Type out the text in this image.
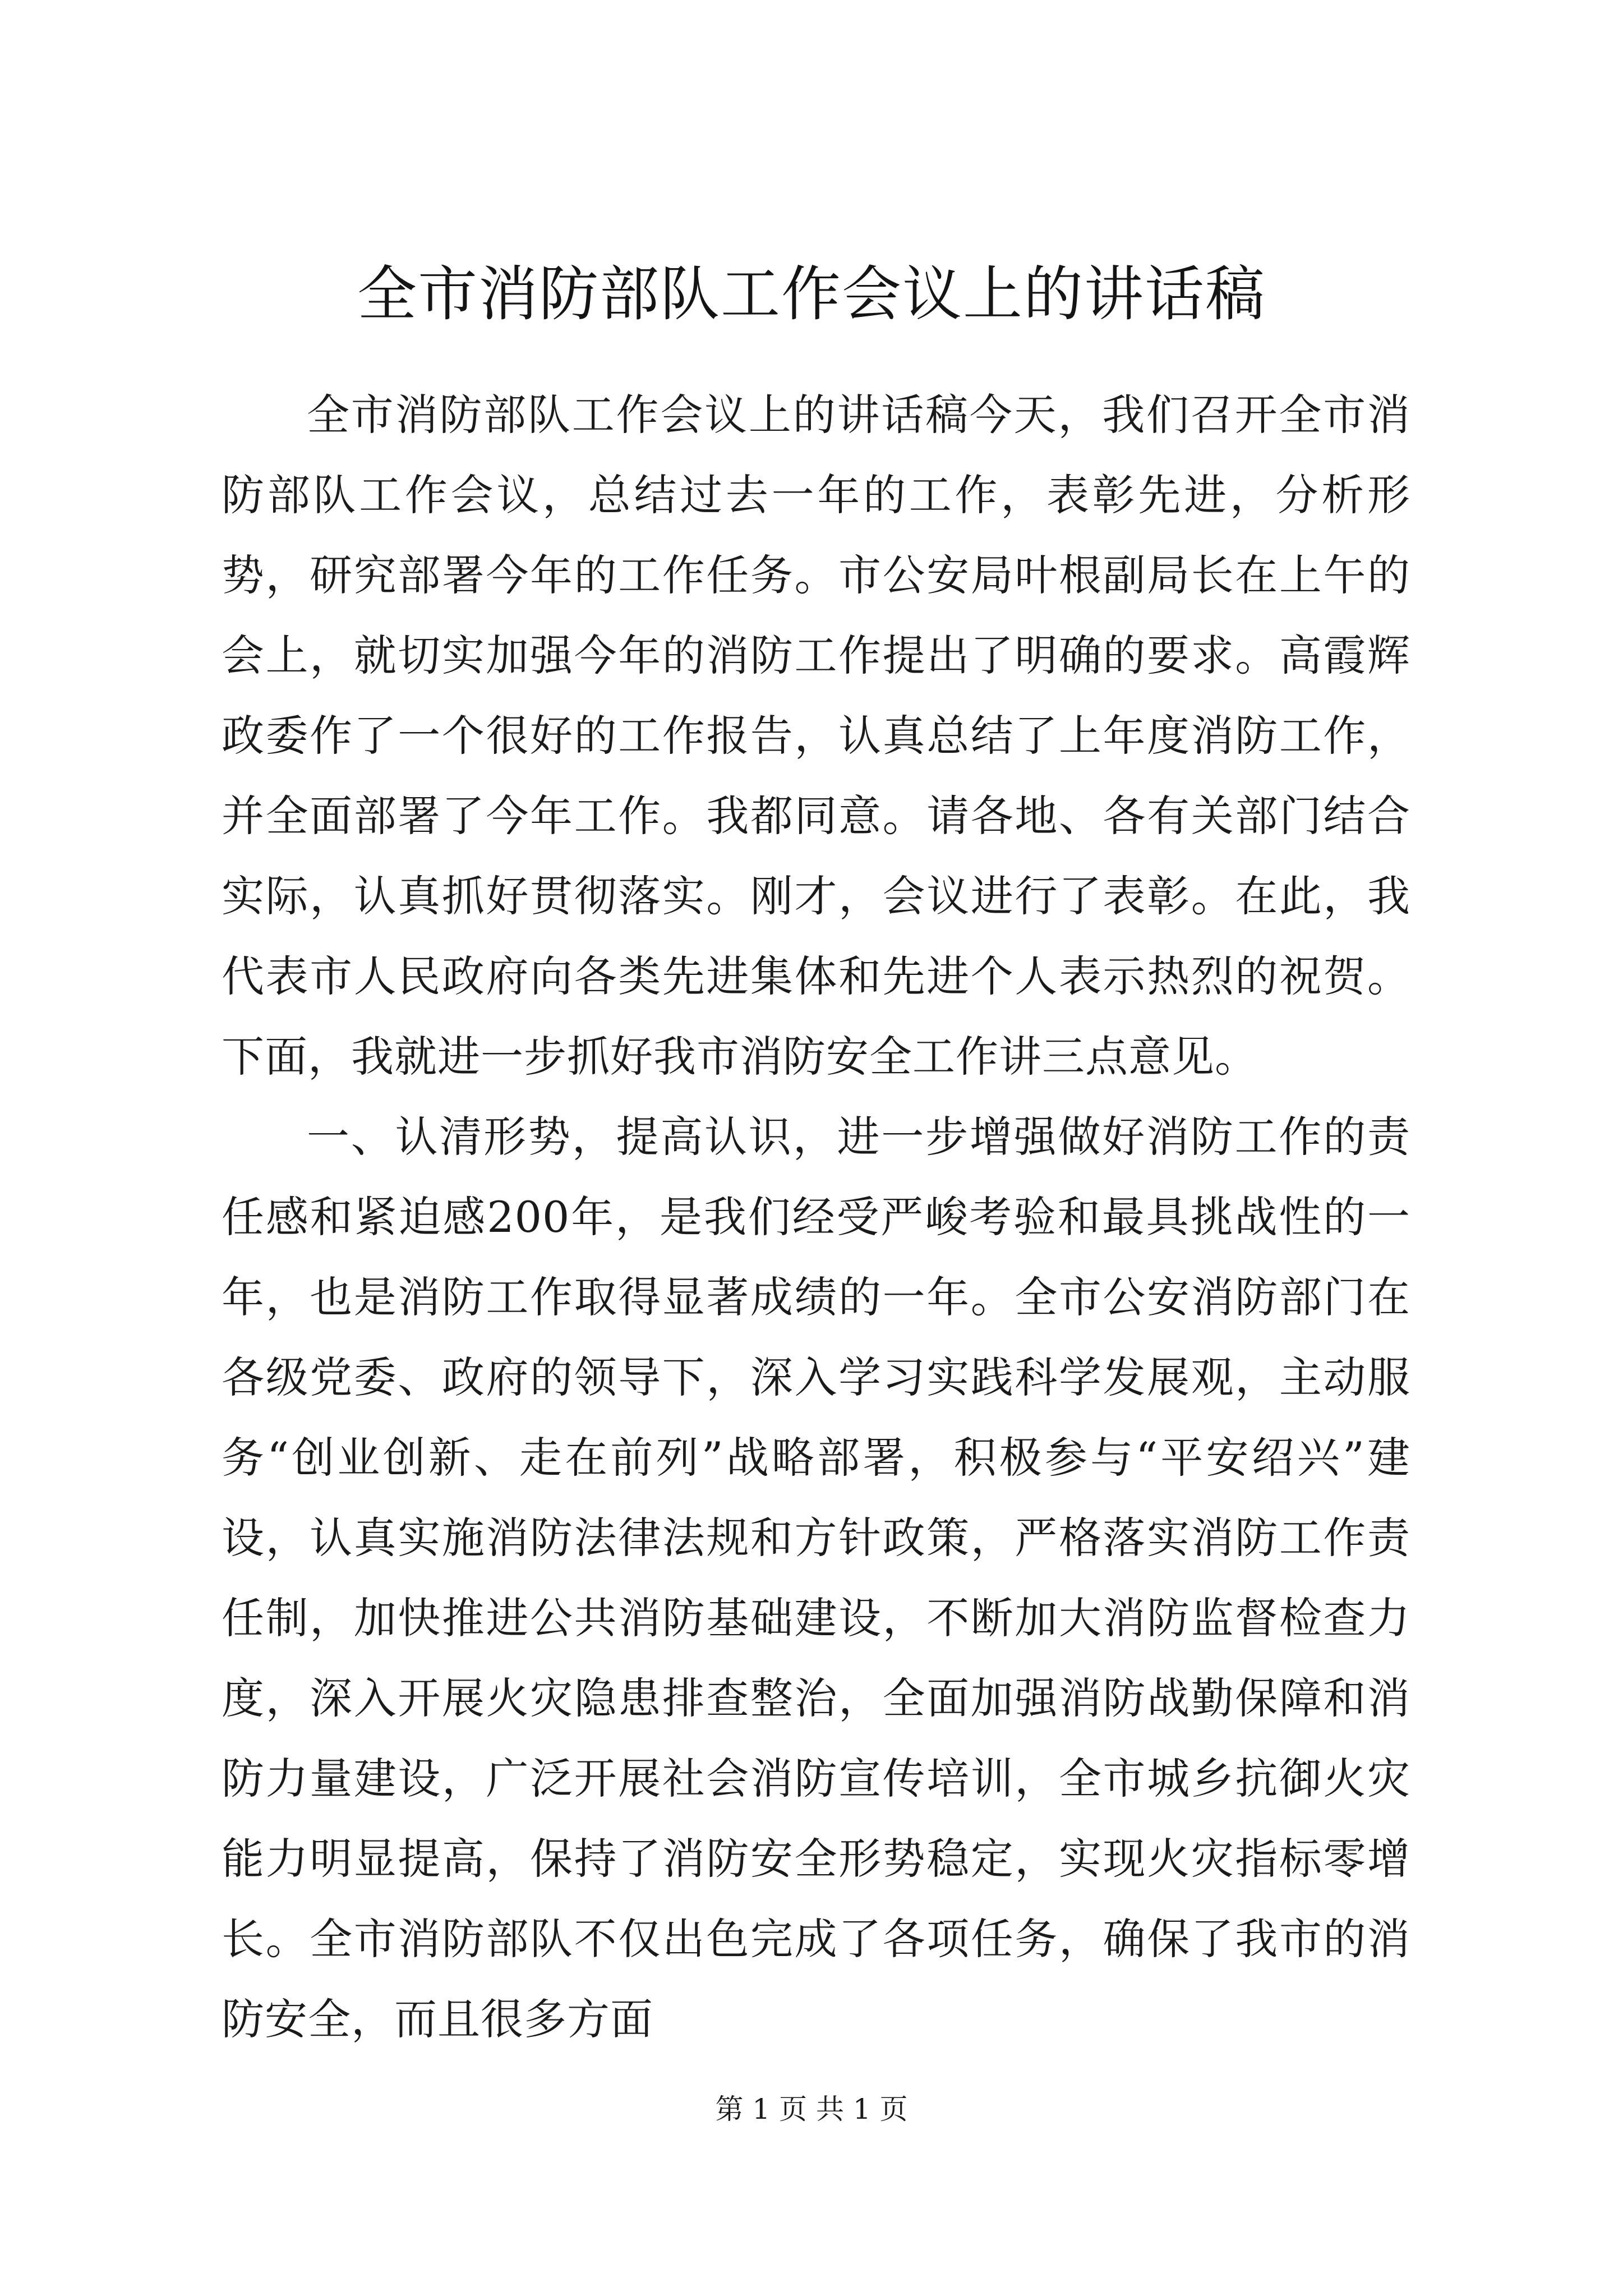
全市消防部队工作会议上的讲话稿

全市消防部队工作会议上的讲话稿今天，我们召开全市消防部队工作会议，总结过去一年的工作，表彰先进，分析形势，研究部署今年的工作任务。市公安局叶根副局长在上午的会上，就切实加强今年的消防工作提出了明确的要求。高霞辉政委作了一个很好的工作报告，认真总结了上年度消防工作，并全面部署了今年工作。我都同意。请各地、各有关部门结合实际，认真抓好贯彻落实。刚才，会议进行了表彰。在此，我代表市人民政府向各类先进集体和先进个人表示热烈的祝贺。下面，我就进一步抓好我市消防安全工作讲三点意见。

一、认清形势，提高认识，进一步增强做好消防工作的责任感和紧迫感200年，是我们经受严峻考验和最具挑战性的一年，也是消防工作取得显著成绩的一年。全市公安消防部门在各级党委、政府的领导下，深入学习实践科学发展观，主动服务“创业创新、走在前列”战略部署，积极参与“平安绍兴”建设，认真实施消防法律法规和方针政策，严格落实消防工作责任制，加快推进公共消防基础建设，不断加大消防监督检查力度，深入开展火灾隐患排查整治，全面加强消防战勤保障和消防力量建设，广泛开展社会消防宣传培训，全市城乡抗御火灾能力明显提高，保持了消防安全形势稳定，实现火灾指标零增长。全市消防部队不仅出色完成了各项任务，确保了我市的消防安全，而且很多方面

第 1 页 共 1 页
